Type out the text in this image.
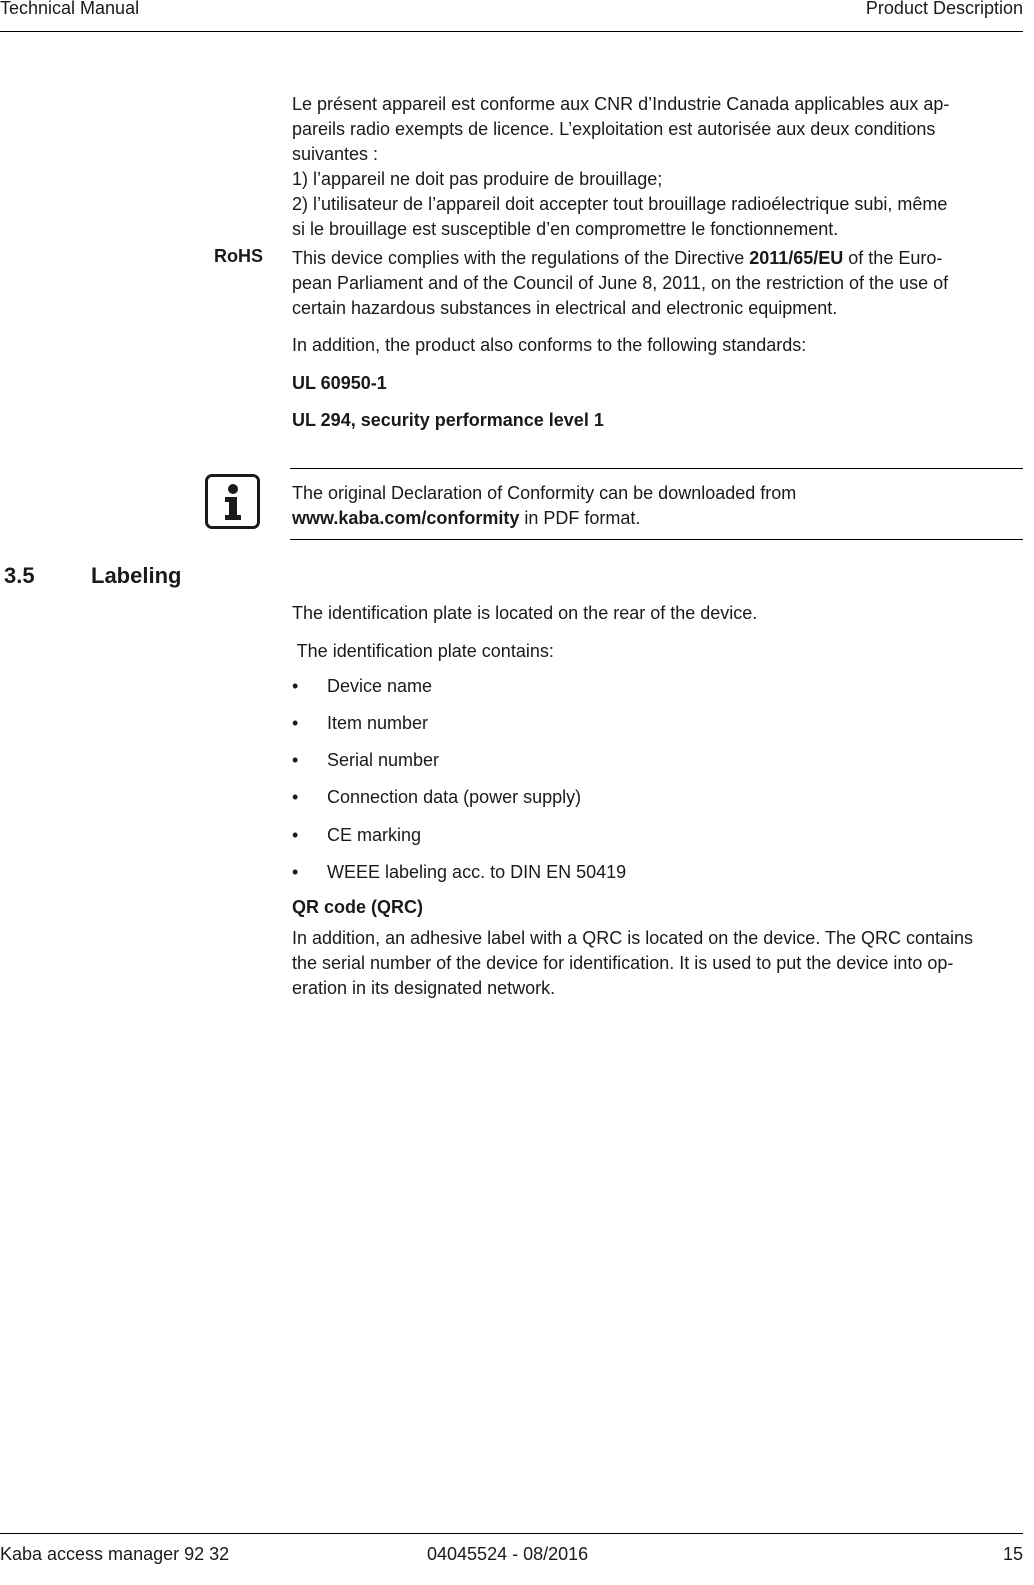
Technical Manual	Product Description
Le présent appareil est conforme aux CNR d’Industrie Canada applicables aux ap-
pareils radio exempts de licence. L’exploitation est autorisée aux deux conditions
suivantes :
1) l’appareil ne doit pas produire de brouillage;
2) l’utilisateur de l’appareil doit accepter tout brouillage radioélectrique subi, même
si le brouillage est susceptible d’en compromettre le fonctionnement.
RoHS This device complies with the regulations of the Directive 2011/65/EU of the Euro-
pean Parliament and of the Council of June 8, 2011, on the restriction of the use of
certain hazardous substances in electrical and electronic equipment.
In addition, the product also conforms to the following standards:
UL 60950-1
UL 294, security performance level 1
The original Declaration of Conformity can be downloaded from
www.kaba.com/conformity in PDF format.
3.5	Labeling
The identification plate is located on the rear of the device.
The identification plate contains:
• Device name
• Item number
• Serial number
• Connection data (power supply)
• CE marking
• WEEE labeling acc. to DIN EN 50419
QR code (QRC)
In addition, an adhesive label with a QRC is located on the device. The QRC contains
the serial number of the device for identification. It is used to put the device into op-
eration in its designated network.
Kaba access manager 92 32	04045524 - 08/2016	15
